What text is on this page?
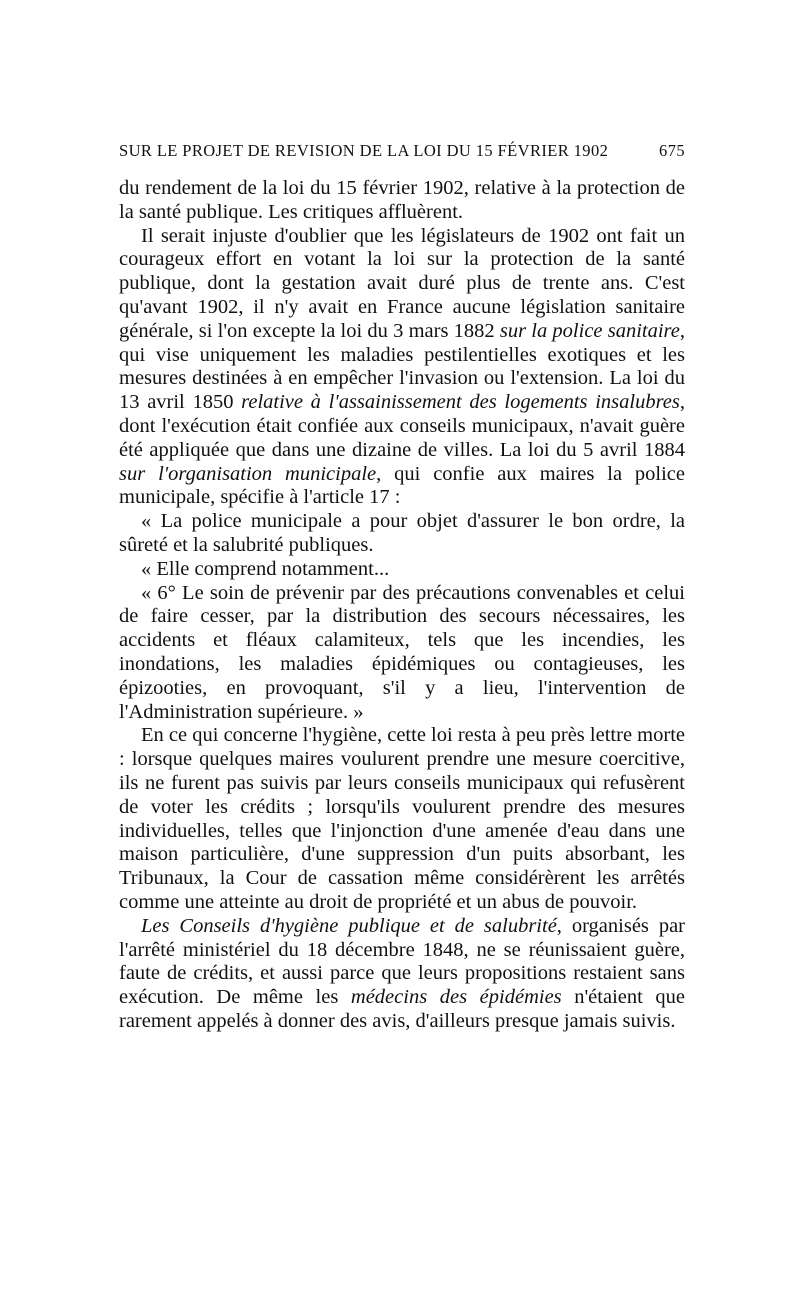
SUR LE PROJET DE REVISION DE LA LOI DU 15 FÉVRIER 1902	675

du rendement de la loi du 15 février 1902, relative à la protection de la santé publique. Les critiques affluèrent.

Il serait injuste d'oublier que les législateurs de 1902 ont fait un courageux effort en votant la loi sur la protection de la santé publique, dont la gestation avait duré plus de trente ans. C'est qu'avant 1902, il n'y avait en France aucune législation sanitaire générale, si l'on excepte la loi du 3 mars 1882 sur la police sanitaire, qui vise uniquement les maladies pestilentielles exotiques et les mesures destinées à en empêcher l'invasion ou l'extension. La loi du 13 avril 1850 relative à l'assainissement des logements insalubres, dont l'exécution était confiée aux conseils municipaux, n'avait guère été appliquée que dans une dizaine de villes. La loi du 5 avril 1884 sur l'organisation municipale, qui confie aux maires la police municipale, spécifie à l'article 17 :

« La police municipale a pour objet d'assurer le bon ordre, la sûreté et la salubrité publiques.

« Elle comprend notamment...

« 6° Le soin de prévenir par des précautions convenables et celui de faire cesser, par la distribution des secours nécessaires, les accidents et fléaux calamiteux, tels que les incendies, les inondations, les maladies épidémiques ou contagieuses, les épizooties, en provoquant, s'il y a lieu, l'intervention de l'Administration supérieure. »

En ce qui concerne l'hygiène, cette loi resta à peu près lettre morte : lorsque quelques maires voulurent prendre une mesure coercitive, ils ne furent pas suivis par leurs conseils municipaux qui refusèrent de voter les crédits ; lorsqu'ils voulurent prendre des mesures individuelles, telles que l'injonction d'une amenée d'eau dans une maison particulière, d'une suppression d'un puits absorbant, les Tribunaux, la Cour de cassation même considérèrent les arrêtés comme une atteinte au droit de propriété et un abus de pouvoir.

Les Conseils d'hygiène publique et de salubrité, organisés par l'arrêté ministériel du 18 décembre 1848, ne se réunissaient guère, faute de crédits, et aussi parce que leurs propositions restaient sans exécution. De même les médecins des épidémies n'étaient que rarement appelés à donner des avis, d'ailleurs presque jamais suivis.
